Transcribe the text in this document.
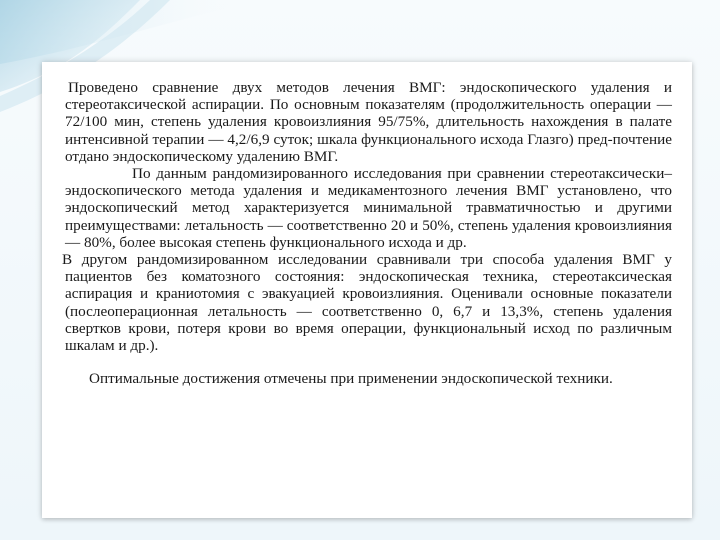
Проведено сравнение двух методов лечения ВМГ: эндоскопического удаления и стереотаксической аспирации. По основным показателям (продолжительность операции — 72/100 мин, степень удаления кровоизлияния 95/75%, длительность нахождения в палате интенсивной терапии — 4,2/6,9 суток; шкала функционального исхода Глазго) пред-почтение отдано эндоскопическому удалению ВМГ.

По данным рандомизированного исследования при сравнении стереотаксически–эндоскопического метода удаления и медикаментозного лечения ВМГ установлено, что эндоскопический метод характеризуется минимальной травматичностью и другими преимуществами: летальность — соответственно 20 и 50%, степень удаления кровоизлияния — 80%, более высокая степень функционального исхода и др.

В другом рандомизированном исследовании сравнивали три способа удаления ВМГ у пациентов без коматозного состояния: эндоскопическая техника, стереотаксическая аспирация и краниотомия с эвакуацией кровоизлияния. Оценивали основные показатели (послеоперационная летальность — соответственно 0, 6,7 и 13,3%, степень удаления свертков крови, потеря крови во время операции, функциональный исход по различным шкалам и др.).

Оптимальные достижения отмечены при применении эндоскопической техники.
